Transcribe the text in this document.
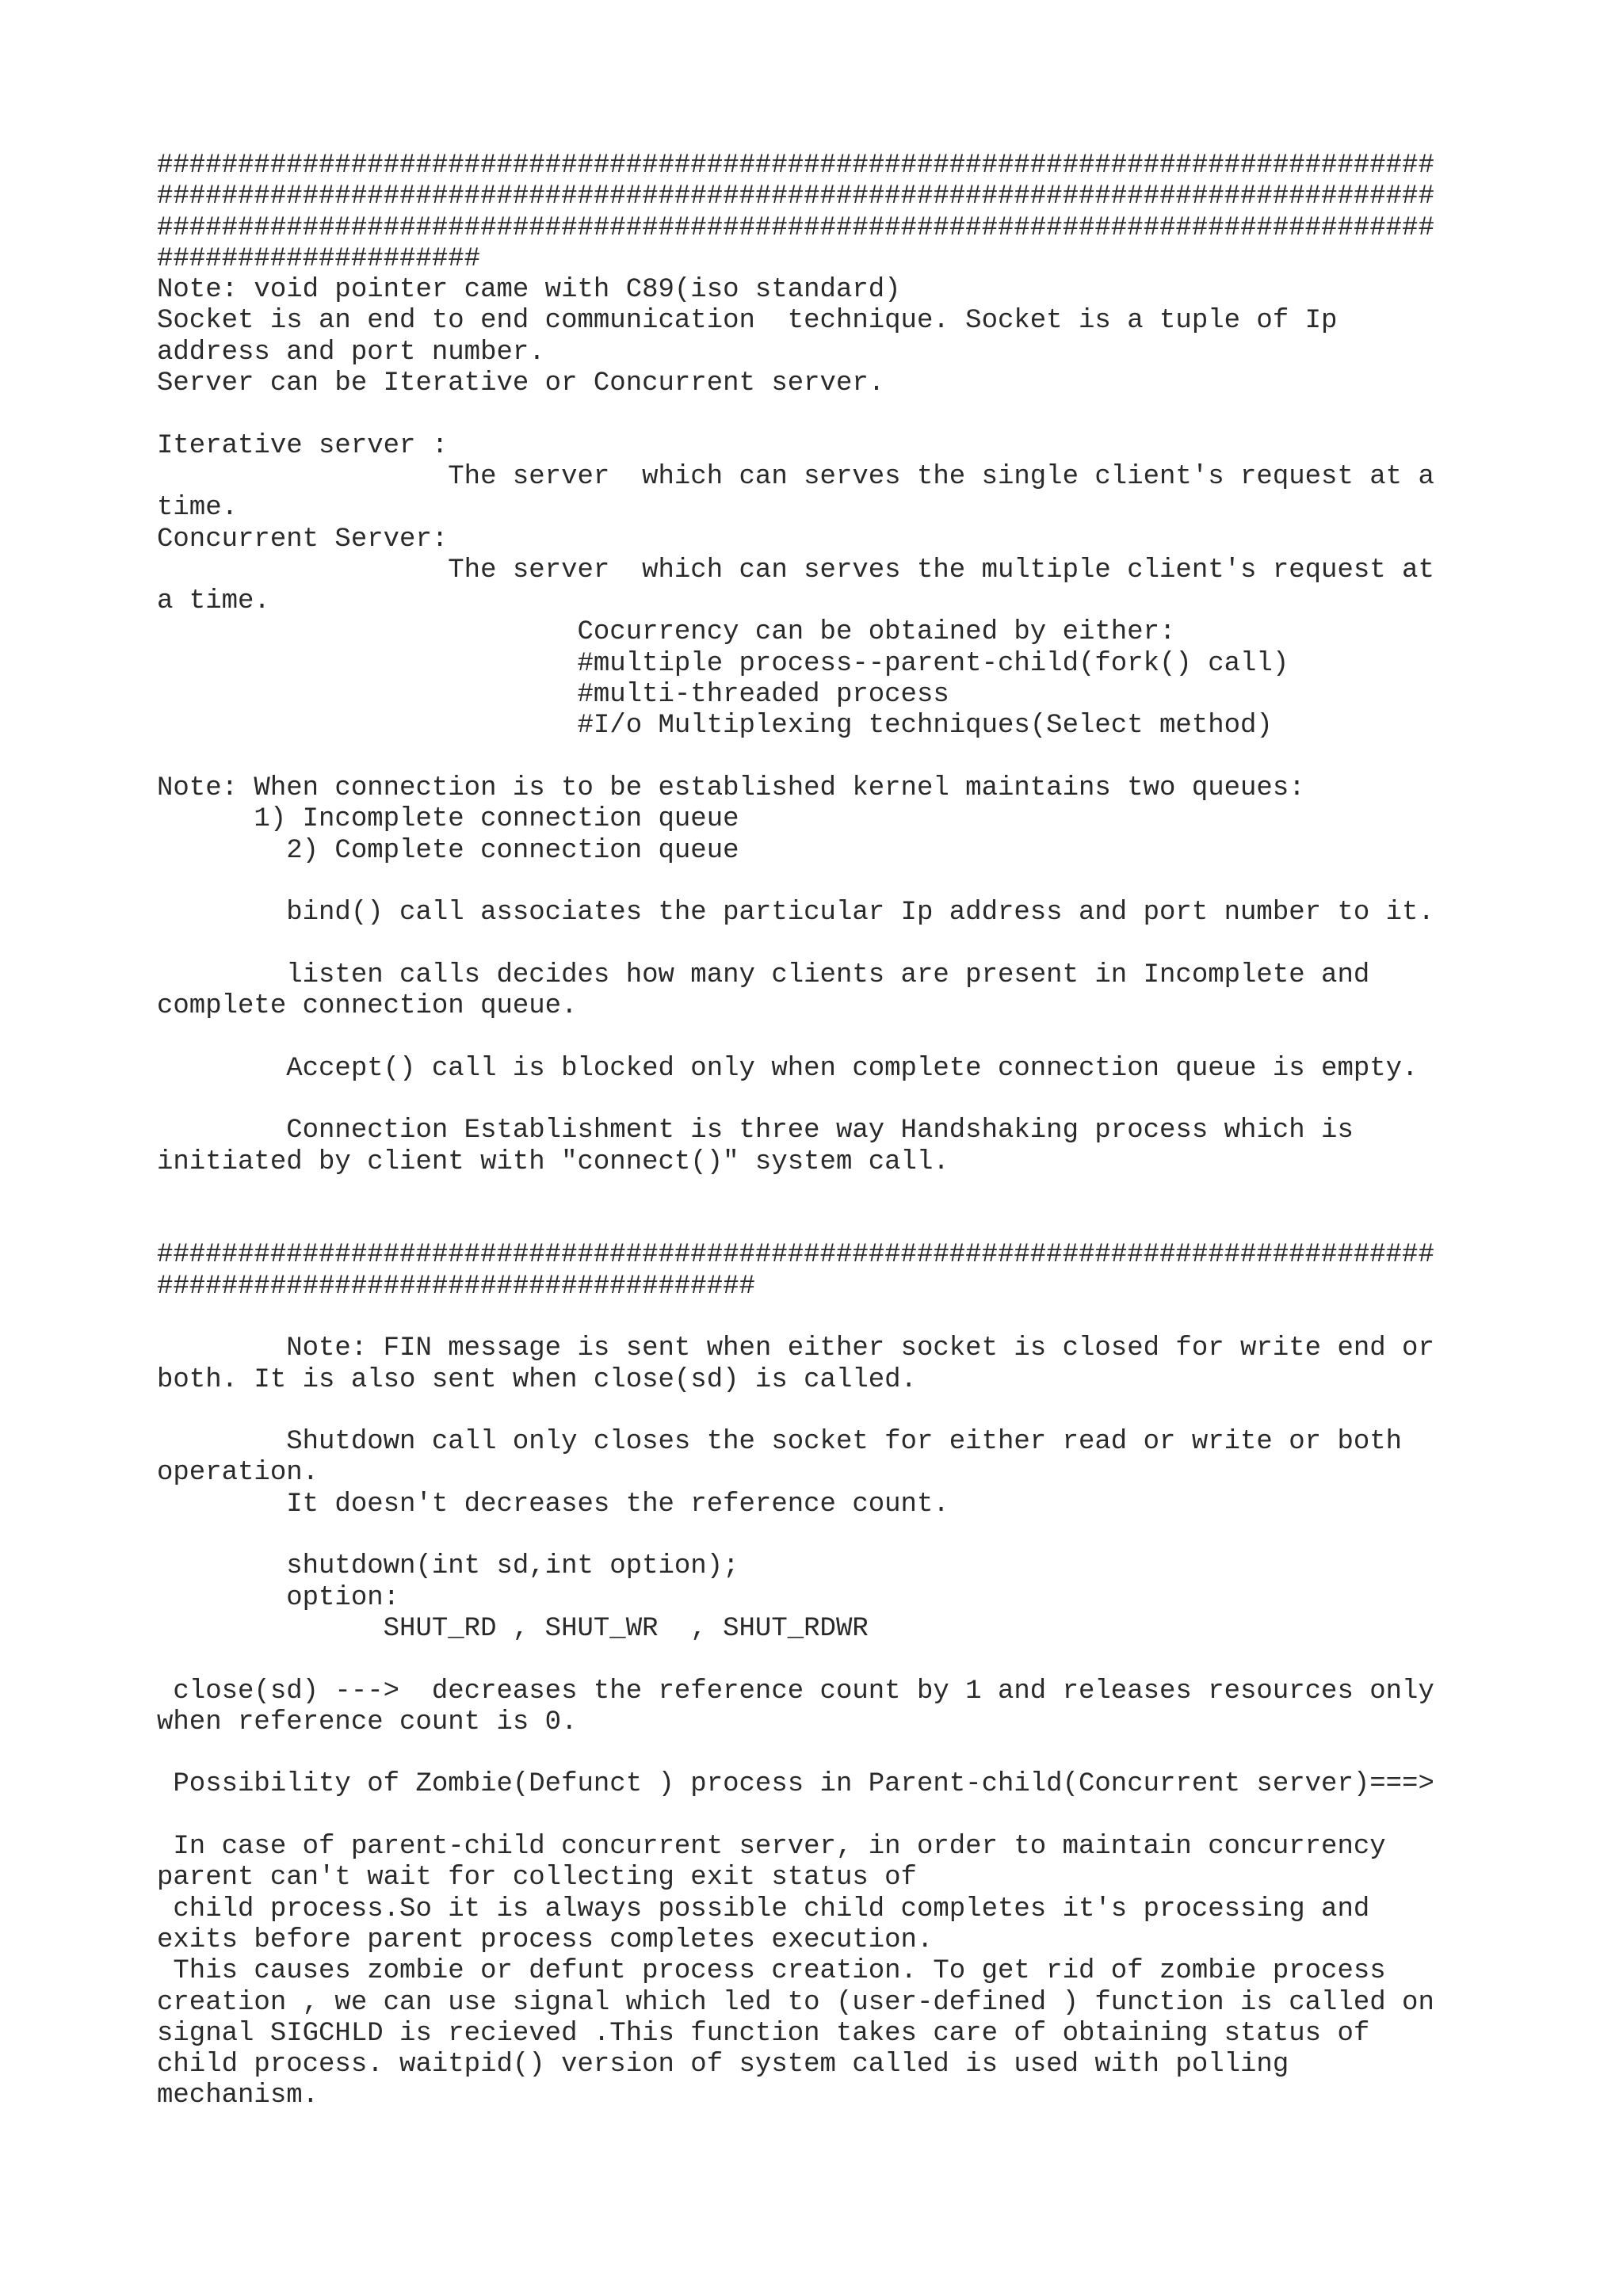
###############################################################################
###############################################################################
###############################################################################
####################
Note: void pointer came with C89(iso standard)
Socket is an end to end communication  technique. Socket is a tuple of Ip
address and port number.
Server can be Iterative or Concurrent server.
Iterative server :
The server  which can serves the single client's request at a
time.
Concurrent Server:
The server  which can serves the multiple client's request at
a time.
Cocurrency can be obtained by either:
#multiple process--parent-child(fork() call)
#multi-threaded process
#I/o Multiplexing techniques(Select method)
Note: When connection is to be established kernel maintains two queues:
1) Incomplete connection queue
2) Complete connection queue
bind() call associates the particular Ip address and port number to it.
listen calls decides how many clients are present in Incomplete and
complete connection queue.
Accept() call is blocked only when complete connection queue is empty.
Connection Establishment is three way Handshaking process which is
initiated by client with "connect()" system call.
###############################################################################
#####################################
Note: FIN message is sent when either socket is closed for write end or
both. It is also sent when close(sd) is called.
Shutdown call only closes the socket for either read or write or both
operation.
It doesn't decreases the reference count.
shutdown(int sd,int option);
option:
SHUT_RD , SHUT_WR  , SHUT_RDWR
close(sd) --->  decreases the reference count by 1 and releases resources only
when reference count is 0.
Possibility of Zombie(Defunct ) process in Parent-child(Concurrent server)===>
In case of parent-child concurrent server, in order to maintain concurrency
parent can't wait for collecting exit status of
child process.So it is always possible child completes it's processing and
exits before parent process completes execution.
This causes zombie or defunt process creation. To get rid of zombie process
creation , we can use signal which led to (user-defined ) function is called on
signal SIGCHLD is recieved .This function takes care of obtaining status of
child process. waitpid() version of system called is used with polling
mechanism.
